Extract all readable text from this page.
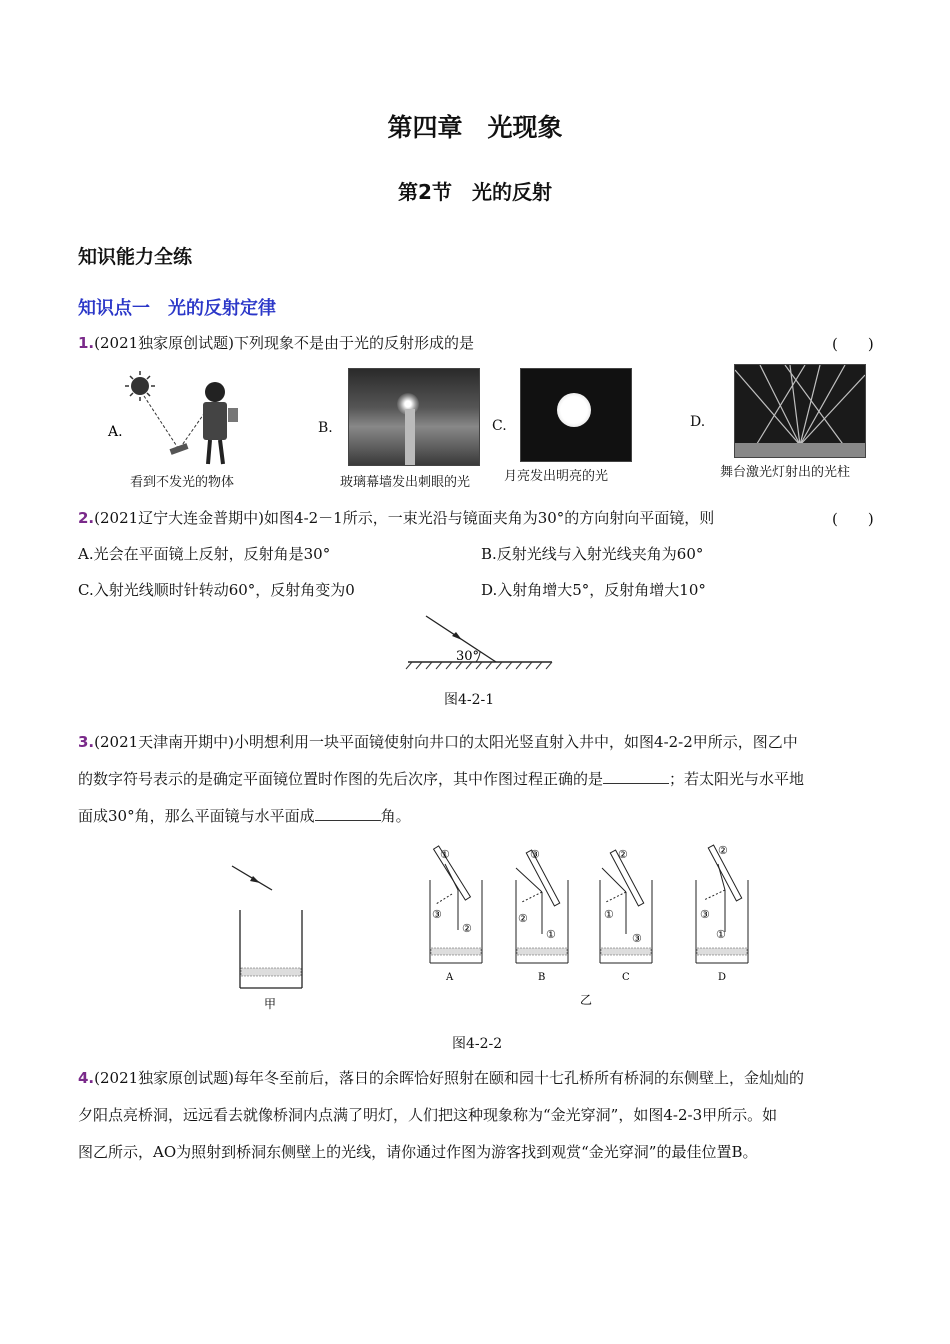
第四章　光现象
第2节　光的反射
知识能力全练
知识点一　光的反射定律
1.(2021独家原创试题)下列现象不是由于光的反射形成的是	(　　)
A.
看到不发光的物体
B.
玻璃幕墙发出刺眼的光
C.
月亮发出明亮的光
D.
舞台激光灯射出的光柱
2.(2021辽宁大连金普期中)如图4-2－1所示，一束光沿与镜面夹角为30°的方向射向平面镜，则	(　　)
A.光会在平面镜上反射，反射角是30°	B.反射光线与入射光线夹角为60°
C.入射光线顺时针转动60°，反射角变为0	D.入射角增大5°，反射角增大10°
30°
图4-2-1
3.(2021天津南开期中)小明想利用一块平面镜使射向井口的太阳光竖直射入井中，如图4-2-2甲所示，图乙中
的数字符号表示的是确定平面镜位置时作图的先后次序，其中作图过程正确的是	；若太阳光与水平地
面成30°角，那么平面镜与水平面成	角。
甲
①
③
②
A
③
②
①
B
②
①
③
C
②
③
①
D
乙
图4-2-2
4.(2021独家原创试题)每年冬至前后，落日的余晖恰好照射在颐和园十七孔桥所有桥洞的东侧壁上，金灿灿的
夕阳点亮桥洞，远远看去就像桥洞内点满了明灯，人们把这种现象称为“金光穿洞”，如图4-2-3甲所示。如
图乙所示，AO为照射到桥洞东侧壁上的光线，请你通过作图为游客找到观赏“金光穿洞”的最佳位置B。
